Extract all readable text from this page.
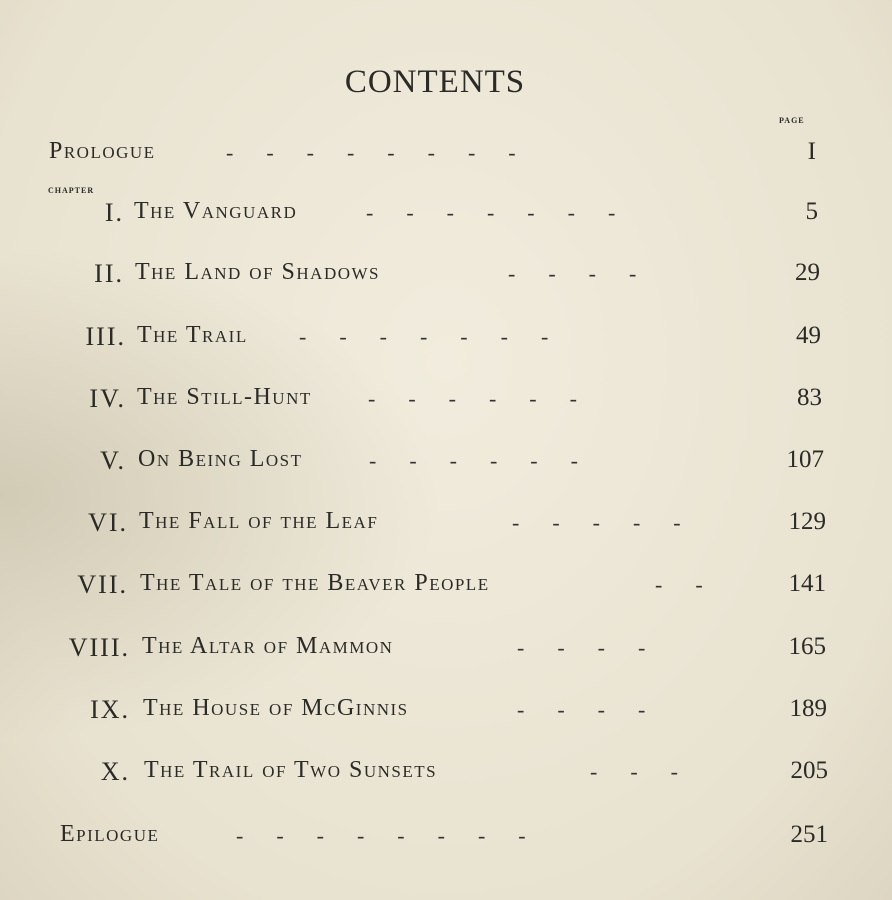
CONTENTS
page
chapter
Prologue	-      -      -      -      -      -      -      -	I
I. The Vanguard	-      -      -      -      -      -      -	5
II. The Land of Shadows	-      -      -      -	29
III. The Trail -      -      -      -      -      -      -	49
IV. The Still-Hunt	-      -      -      -      -      -	83
V. On Being Lost	-      -      -      -      -      -	107
VI. The Fall of the Leaf	-      -      -      -      -	129
VII. The Tale of the Beaver People	-      -	141
VIII. The Altar of Mammon	-      -      -      -	165
IX. The House of McGinnis	-      -      -      -	189
X. The Trail of Two Sunsets	-      -      -	205
Epilogue	-      -      -      -      -      -      -      -	251
